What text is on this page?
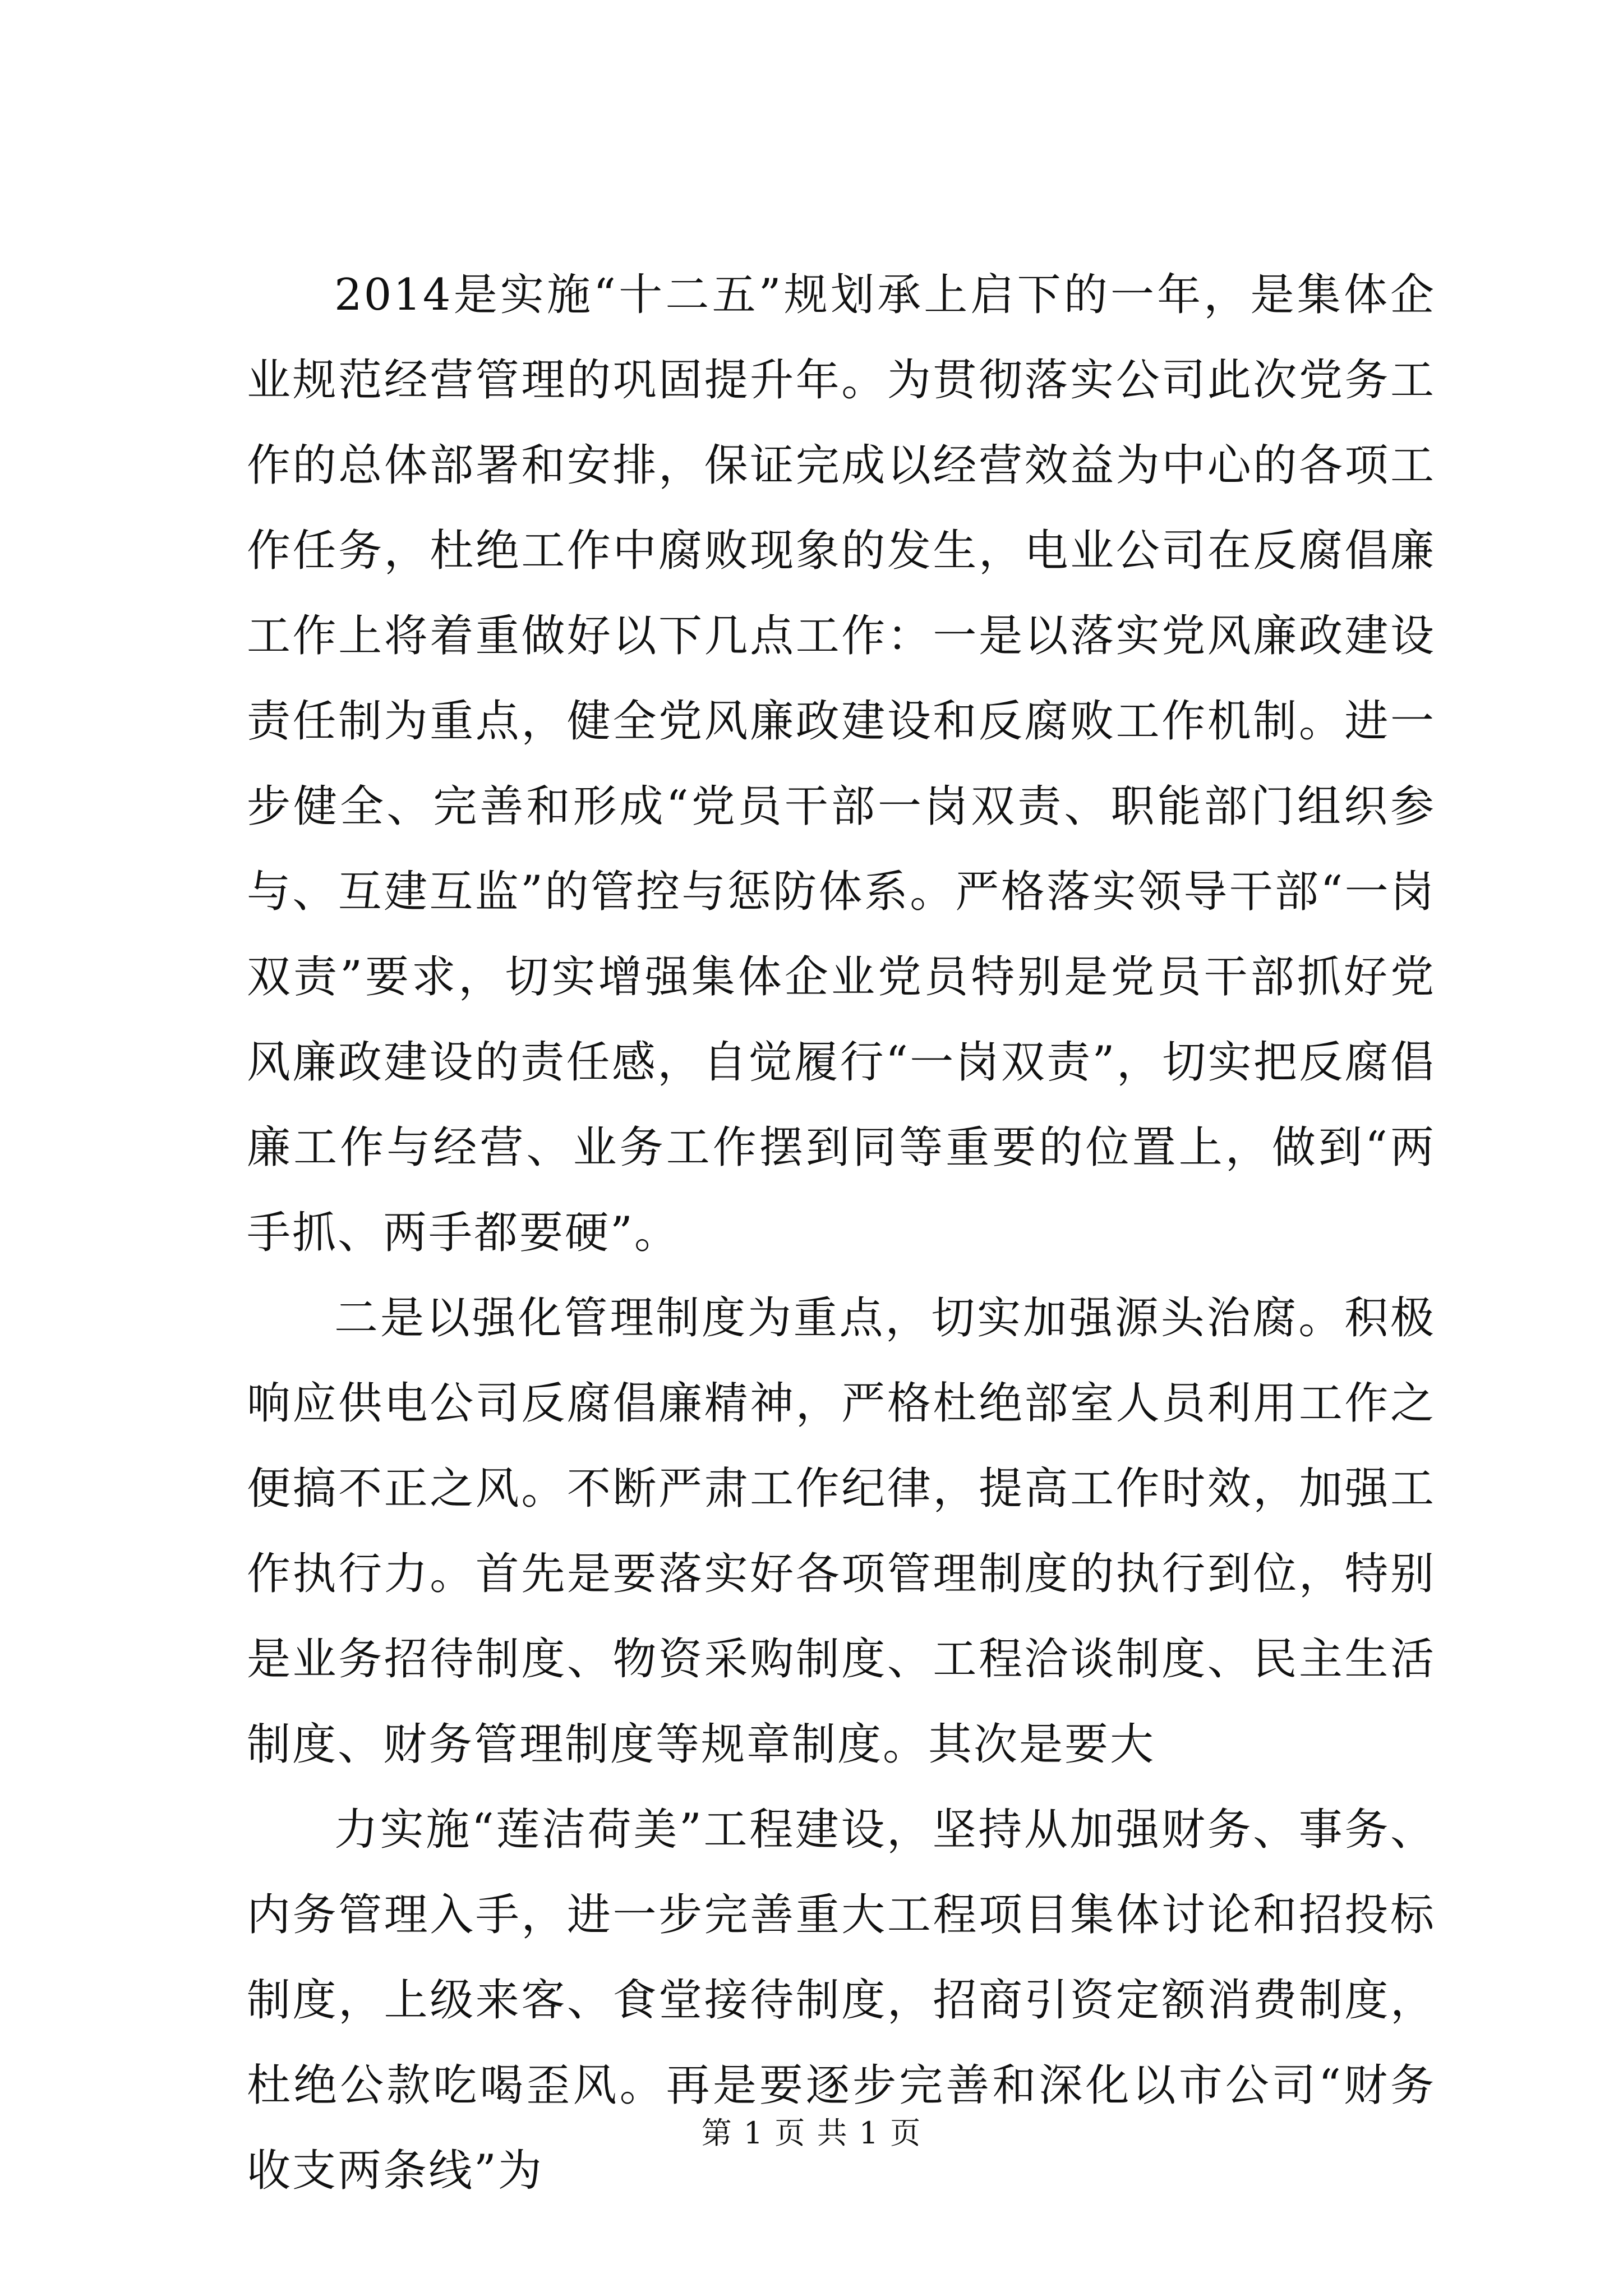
2014是实施“十二五”规划承上启下的一年，是集体企业规范经营管理的巩固提升年。为贯彻落实公司此次党务工作的总体部署和安排，保证完成以经营效益为中心的各项工作任务，杜绝工作中腐败现象的发生，电业公司在反腐倡廉工作上将着重做好以下几点工作：一是以落实党风廉政建设责任制为重点，健全党风廉政建设和反腐败工作机制。进一步健全、完善和形成“党员干部一岗双责、职能部门组织参与、互建互监”的管控与惩防体系。严格落实领导干部“一岗双责”要求，切实增强集体企业党员特别是党员干部抓好党风廉政建设的责任感，自觉履行“一岗双责”，切实把反腐倡廉工作与经营、业务工作摆到同等重要的位置上，做到“两手抓、两手都要硬”。

二是以强化管理制度为重点，切实加强源头治腐。积极响应供电公司反腐倡廉精神，严格杜绝部室人员利用工作之便搞不正之风。不断严肃工作纪律，提高工作时效，加强工作执行力。首先是要落实好各项管理制度的执行到位，特别是业务招待制度、物资采购制度、工程洽谈制度、民主生活制度、财务管理制度等规章制度。其次是要大

力实施“莲洁荷美”工程建设，坚持从加强财务、事务、内务管理入手，进一步完善重大工程项目集体讨论和招投标制度，上级来客、食堂接待制度，招商引资定额消费制度，杜绝公款吃喝歪风。再是要逐步完善和深化以市公司“财务收支两条线”为

第 1 页 共 1 页
